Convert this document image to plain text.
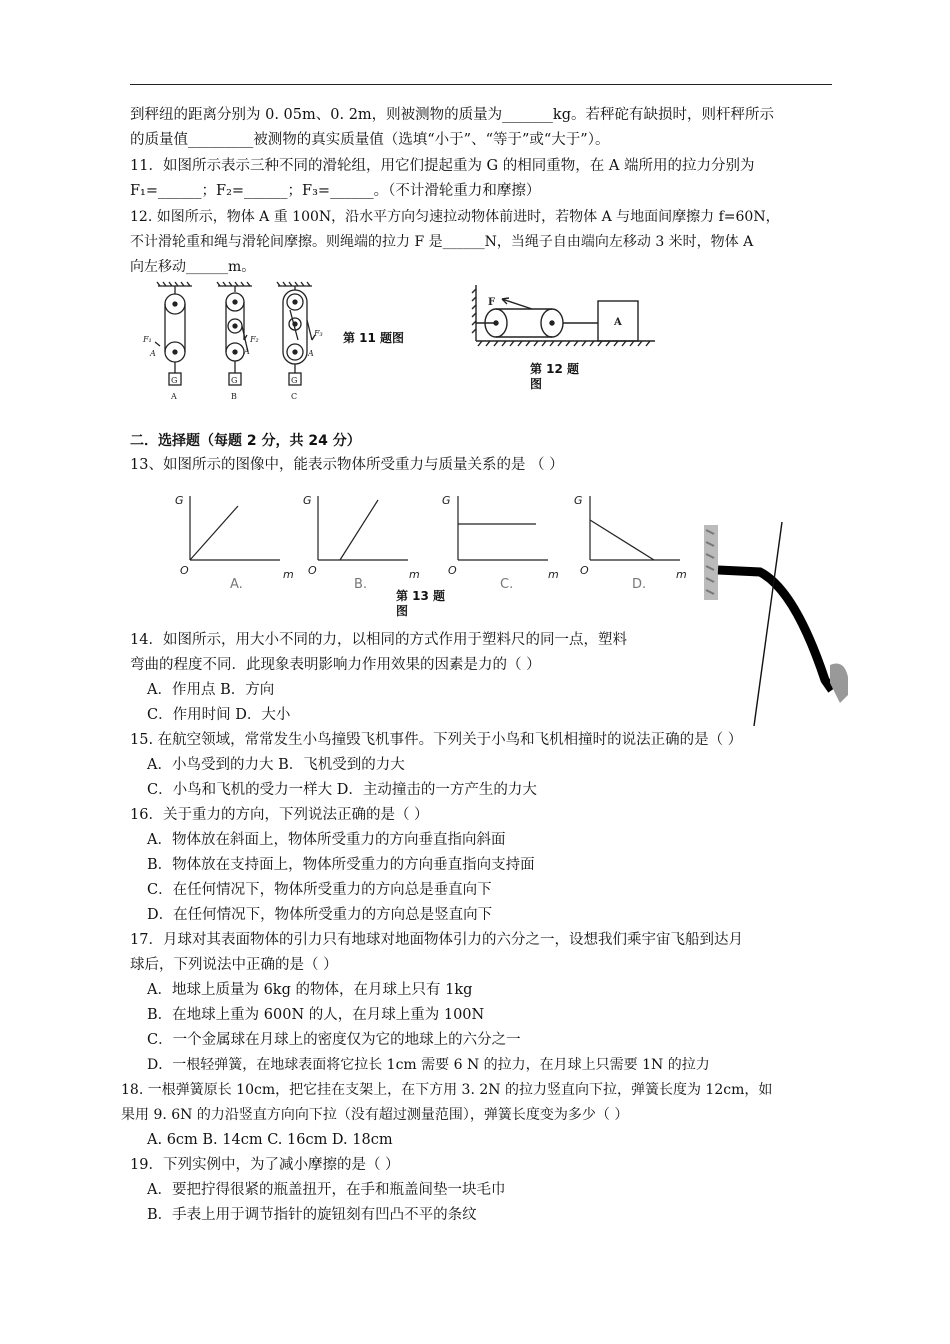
到秤纽的距离分别为 0. 05m、0. 2m，则被测物的质量为_______kg。若秤砣有缺损时，则杆秤所示
的质量值_________被测物的真实质量值（选填“小于”、“等于”或“大于”）。
11．如图所示表示三种不同的滑轮组，用它们提起重为 G 的相同重物，在 A 端所用的拉力分别为
F₁=______；F₂=______；F₃=______。（不计滑轮重力和摩擦）
12. 如图所示，物体 A 重 100N，沿水平方向匀速拉动物体前进时，若物体 A 与地面间摩擦力 f=60N，
不计滑轮重和绳与滑轮间摩擦。则绳端的拉力 F 是______N，当绳子自由端向左移动 3 米时，物体 A
向左移动______m。
G	G	G
A	B	C
F₁
A
F₂
A
F₃
A
第 11 题图
F
A
第 12 题
图
二．选择题（每题 2 分，共 24 分）
13、如图所示的图像中，能表示物体所受重力与质量关系的是 （ ）
G
O	m
A.
G
O	m
B.
G
O	m
C.
G
O	m
D.
第 13 题
图
14．如图所示，用大小不同的力，以相同的方式作用于塑料尺的同一点，塑料
弯曲的程度不同．此现象表明影响力作用效果的因素是力的（ ）
A．作用点 B．方向
C．作用时间 D．大小
15. 在航空领域，常常发生小鸟撞毁飞机事件。下列关于小鸟和飞机相撞时的说法正确的是（ ）
A．小鸟受到的力大 B．飞机受到的力大
C．小鸟和飞机的受力一样大 D．主动撞击的一方产生的力大
16．关于重力的方向，下列说法正确的是（ ）
A．物体放在斜面上，物体所受重力的方向垂直指向斜面
B．物体放在支持面上，物体所受重力的方向垂直指向支持面
C．在任何情况下，物体所受重力的方向总是垂直向下
D．在任何情况下，物体所受重力的方向总是竖直向下
17．月球对其表面物体的引力只有地球对地面物体引力的六分之一，设想我们乘宇宙飞船到达月
球后，下列说法中正确的是（ ）
A．地球上质量为 6kg 的物体，在月球上只有 1kg
B．在地球上重为 600N 的人，在月球上重为 100N
C．一个金属球在月球上的密度仅为它的地球上的六分之一
D．一根轻弹簧，在地球表面将它拉长 1cm 需要 6 N 的拉力，在月球上只需要 1N 的拉力
18. 一根弹簧原长 10cm，把它挂在支架上，在下方用 3. 2N 的拉力竖直向下拉，弹簧长度为 12cm，如
果用 9. 6N 的力沿竖直方向向下拉（没有超过测量范围），弹簧长度变为多少（ ）
A. 6cm B. 14cm C. 16cm D. 18cm
19．下列实例中，为了减小摩擦的是（ ）
A．要把拧得很紧的瓶盖扭开，在手和瓶盖间垫一块毛巾
B．手表上用于调节指针的旋钮刻有凹凸不平的条纹
